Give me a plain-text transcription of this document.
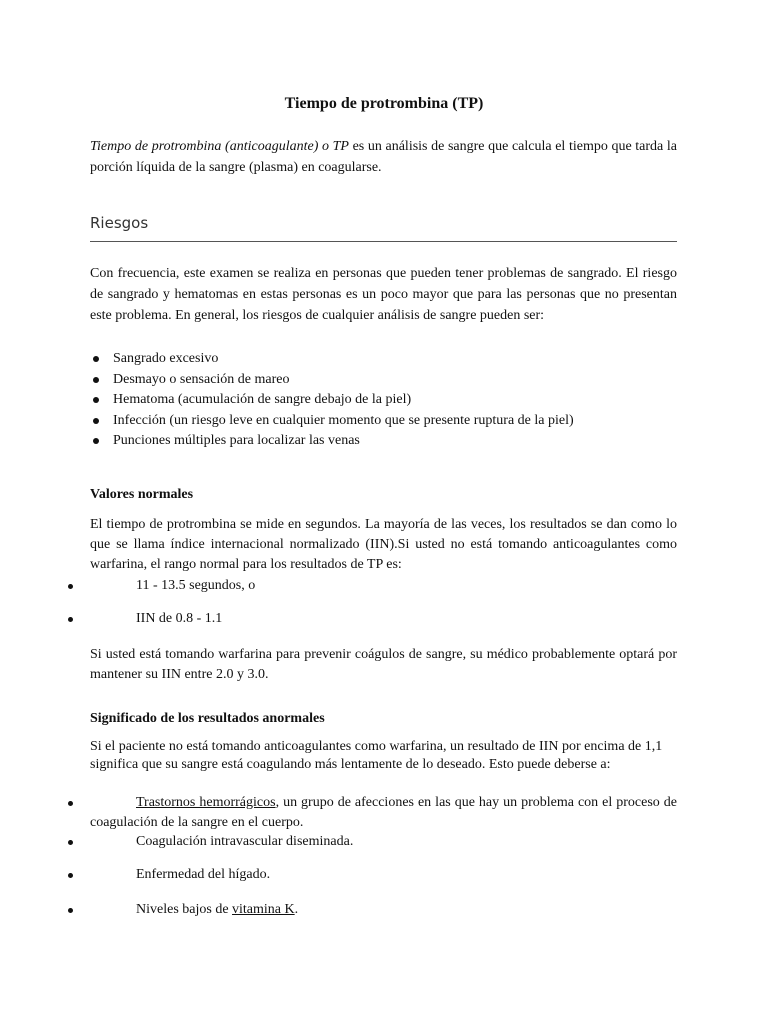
Tiempo de protrombina (TP)

Tiempo de protrombina (anticoagulante) o TP es un análisis de sangre que calcula el tiempo que tarda la porción líquida de la sangre (plasma) en coagularse.

Riesgos

Con frecuencia, este examen se realiza en personas que pueden tener problemas de sangrado. El riesgo de sangrado y hematomas en estas personas es un poco mayor que para las personas que no presentan este problema. En general, los riesgos de cualquier análisis de sangre pueden ser:

Sangrado excesivo
Desmayo o sensación de mareo
Hematoma (acumulación de sangre debajo de la piel)
Infección (un riesgo leve en cualquier momento que se presente ruptura de la piel)
Punciones múltiples para localizar las venas
Valores normales

El tiempo de protrombina se mide en segundos. La mayoría de las veces, los resultados se dan como lo que se llama índice internacional normalizado (IIN).Si usted no está tomando anticoagulantes como warfarina, el rango normal para los resultados de TP es:

11 - 13.5 segundos, o
IIN de 0.8 - 1.1

Si usted está tomando warfarina para prevenir coágulos de sangre, su médico probablemente optará por mantener su IIN entre 2.0 y 3.0.

Significado de los resultados anormales

Si el paciente no está tomando anticoagulantes como warfarina, un resultado de IIN por encima de 1,1 significa que su sangre está coagulando más lentamente de lo deseado. Esto puede deberse a:

Trastornos hemorrágicos, un grupo de afecciones en las que hay un problema con el proceso de coagulación de la sangre en el cuerpo.
Coagulación intravascular diseminada.
Enfermedad del hígado.
Niveles bajos de vitamina K.
